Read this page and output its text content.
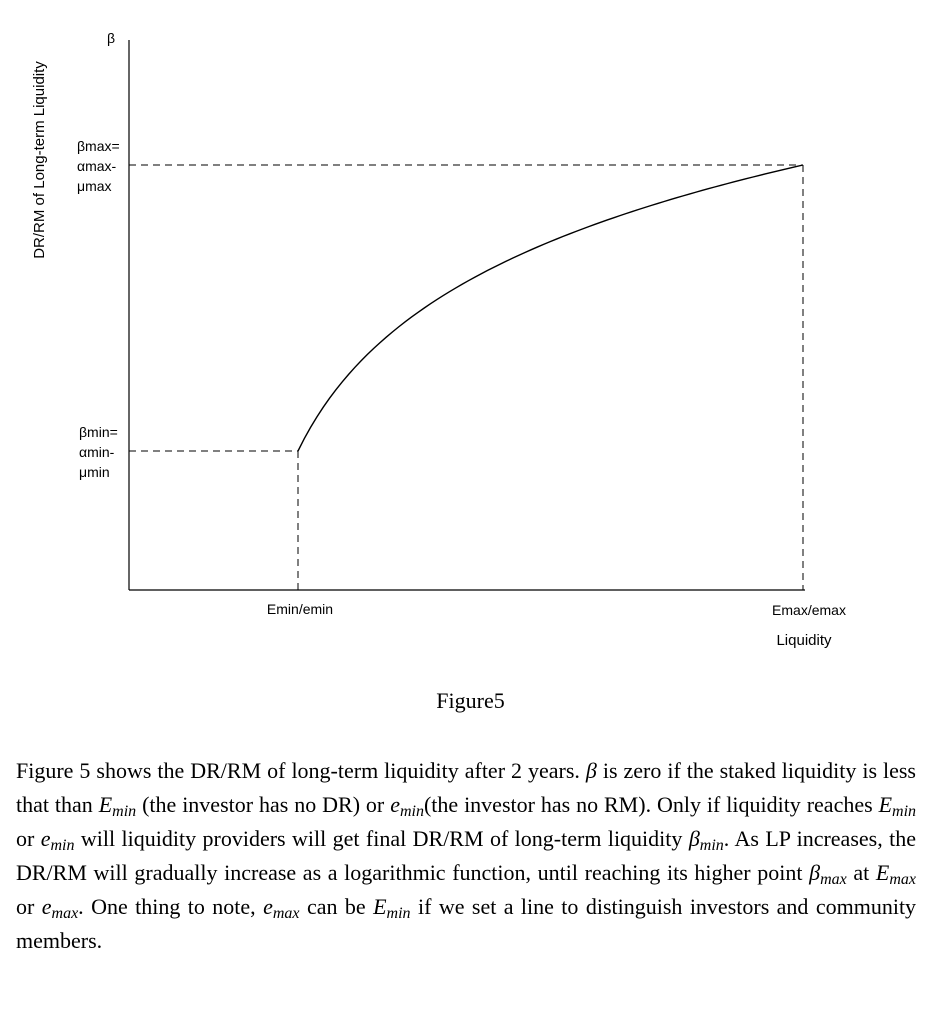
DR/RM of Long-term Liquidity
β
βmax=
αmax-
μmax
βmin=
αmin-
μmin
Emin/emin	Emax/emax
Liquidity
Figure5

Figure 5 shows the DR/RM of long-term liquidity after 2 years. β is zero if the staked liquidity is less that than $E_{min}$ (the investor has no DR) or $e_{min}(the$ investor has no RM). Only if liquidity reaches $E_{min}$ or $e_{min}$ will liquidity providers will get final DR/RM of long-term liquidity $\beta_{min}$. As LP increases, the DR/RM will gradually increase as a logarithmic function, until reaching its higher point $\beta_{max}$ at $E_{max}$ or $e_{max}$. One thing to note, $e_{max}$ can be $E_{min}$ if we set a line to distinguish investors and community members.
